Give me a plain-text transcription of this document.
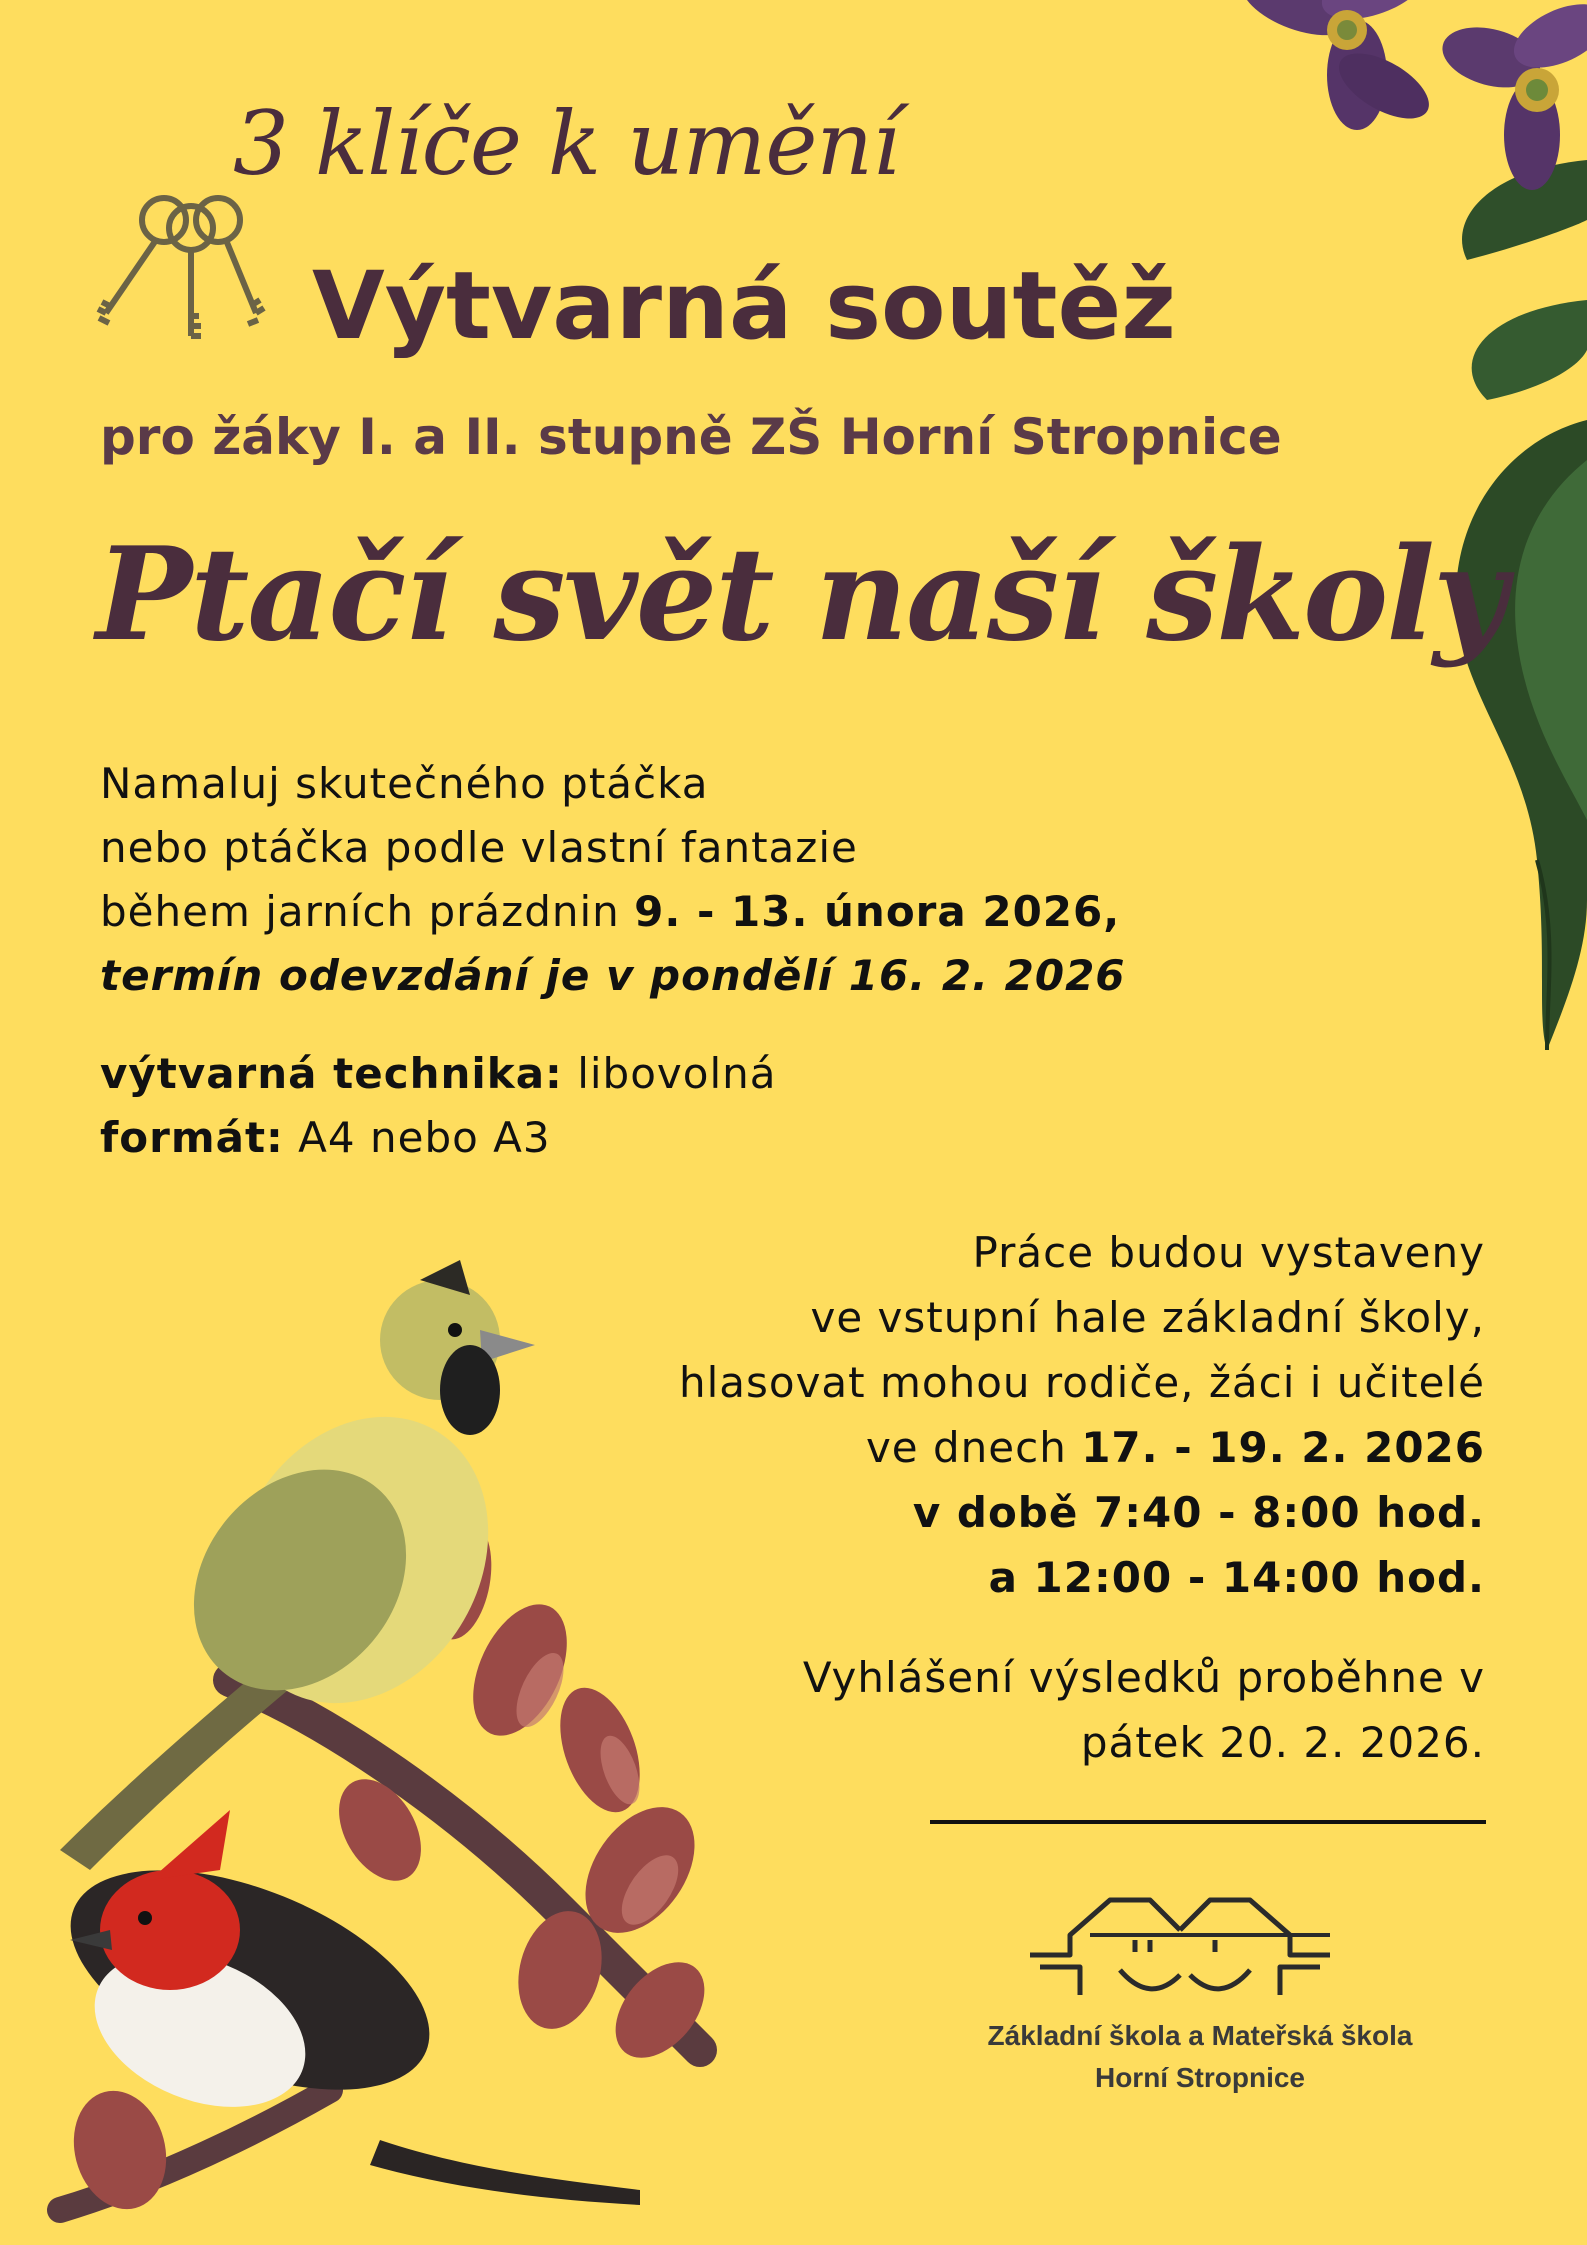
3 klíče k umění
Výtvarná soutěž
pro žáky I. a II. stupně ZŠ Horní Stropnice
Ptačí svět naší školy
Namaluj skutečného ptáčka
nebo ptáčka podle vlastní fantazie
během jarních prázdnin 9. - 13. února 2026,
termín odevzdání je v pondělí 16. 2. 2026
výtvarná technika: libovolná
formát: A4 nebo A3
Práce budou vystaveny
ve vstupní hale základní školy,
hlasovat mohou rodiče, žáci i učitelé
ve dnech 17. - 19. 2. 2026
v době 7:40 - 8:00 hod.
a 12:00 - 14:00 hod.
Vyhlášení výsledků proběhne v
pátek 20. 2. 2026.
Základní škola a Mateřská škola
Horní Stropnice
